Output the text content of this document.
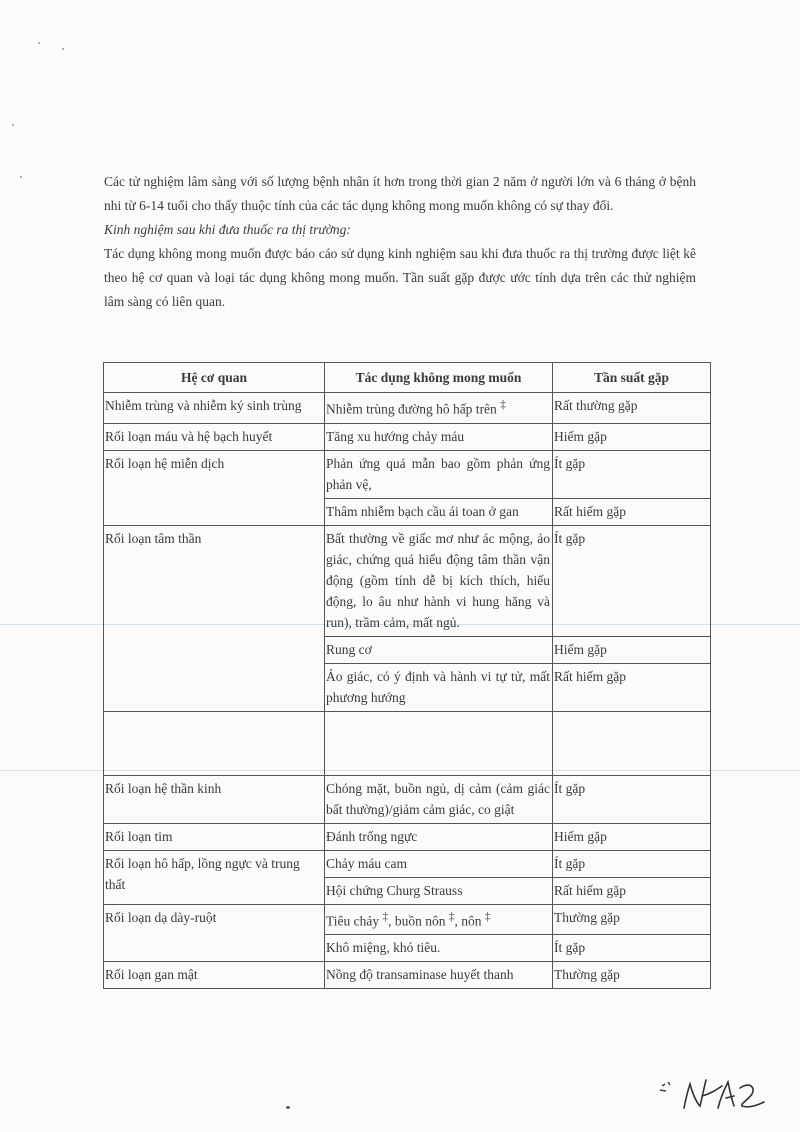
Các tử nghiệm lâm sàng với số lượng bệnh nhân ít hơn trong thời gian 2 năm ở người lớn và 6 tháng ở bệnh nhi từ 6-14 tuổi cho thấy thuộc tính của các tác dụng không mong muốn không có sự thay đổi.

Kinh nghiệm sau khi đưa thuốc ra thị trường:

Tác dụng không mong muốn được báo cáo sử dụng kinh nghiệm sau khi đưa thuốc ra thị trường được liệt kê theo hệ cơ quan và loại tác dụng không mong muốn. Tần suất gặp được ước tính dựa trên các thử nghiệm lâm sàng có liên quan.

Hệ cơ quan	Tác dụng không mong muốn	Tần suất gặp
Nhiễm trùng và nhiễm ký sinh trùng	Nhiễm trùng đường hô hấp trên ‡	Rất thường gặp
Rối loạn máu và hệ bạch huyết	Tăng xu hướng chảy máu	Hiếm gặp
Rối loạn hệ miễn dịch	Phản ứng quá mẫn bao gồm phản ứng phản vệ,	Ít gặp
	Thâm nhiễm bạch cầu ái toan ở gan	Rất hiếm gặp
Rối loạn tâm thần	Bất thường về giấc mơ như ác mộng, ảo giác, chứng quá hiếu động tâm thần vận động (gồm tính dễ bị kích thích, hiếu động, lo âu như hành vi hung hăng và run), trầm cảm, mất ngủ.	Ít gặp
	Rung cơ	Hiếm gặp
	Ảo giác, có ý định và hành vi tự tử, mất phương hướng	Rất hiếm gặp

Rối loạn hệ thần kinh	Chóng mặt, buồn ngủ, dị cảm (cảm giác bất thường)/giảm cảm giác, co giật	Ít gặp
Rối loạn tim	Đánh trống ngực	Hiếm gặp
Rối loạn hô hấp, lồng ngực và trung thất	Chảy máu cam	Ít gặp
	Hội chứng Churg Strauss	Rất hiếm gặp
Rối loạn dạ dày-ruột	Tiêu chảy ‡, buồn nôn ‡, nôn ‡	Thường gặp
	Khô miệng, khó tiêu.	Ít gặp
Rối loạn gan mật	Nồng độ transaminase huyết thanh	Thường gặp
